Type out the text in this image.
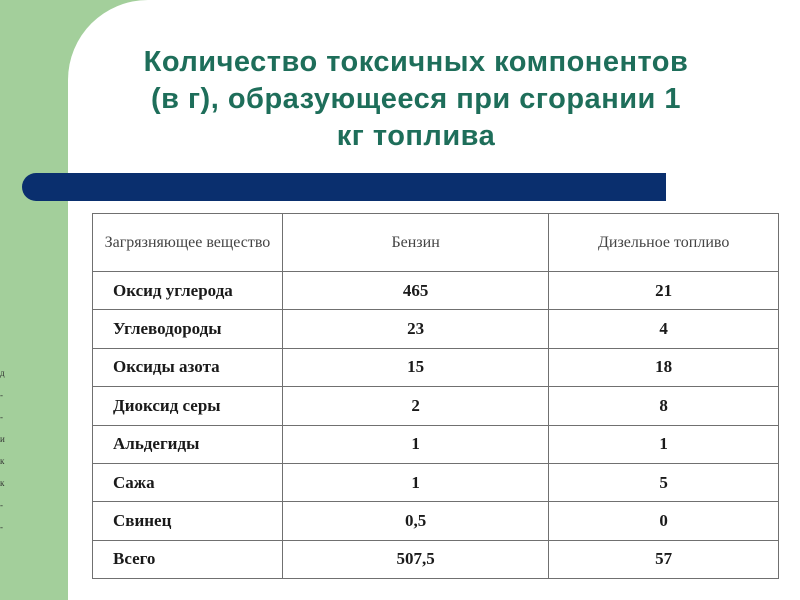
Количество токсичных компонентов
(в г), образующееся при сгорании 1
кг топлива
д
-
-
и
к
к
-
-
Загрязняющее вещество	Бензин	Дизельное топливо
Оксид углерода	465	21
Углеводороды	23	4
Оксиды азота	15	18
Диоксид серы	2	8
Альдегиды	1	1
Сажа	1	5
Свинец	0,5	0
Всего	507,5	57
